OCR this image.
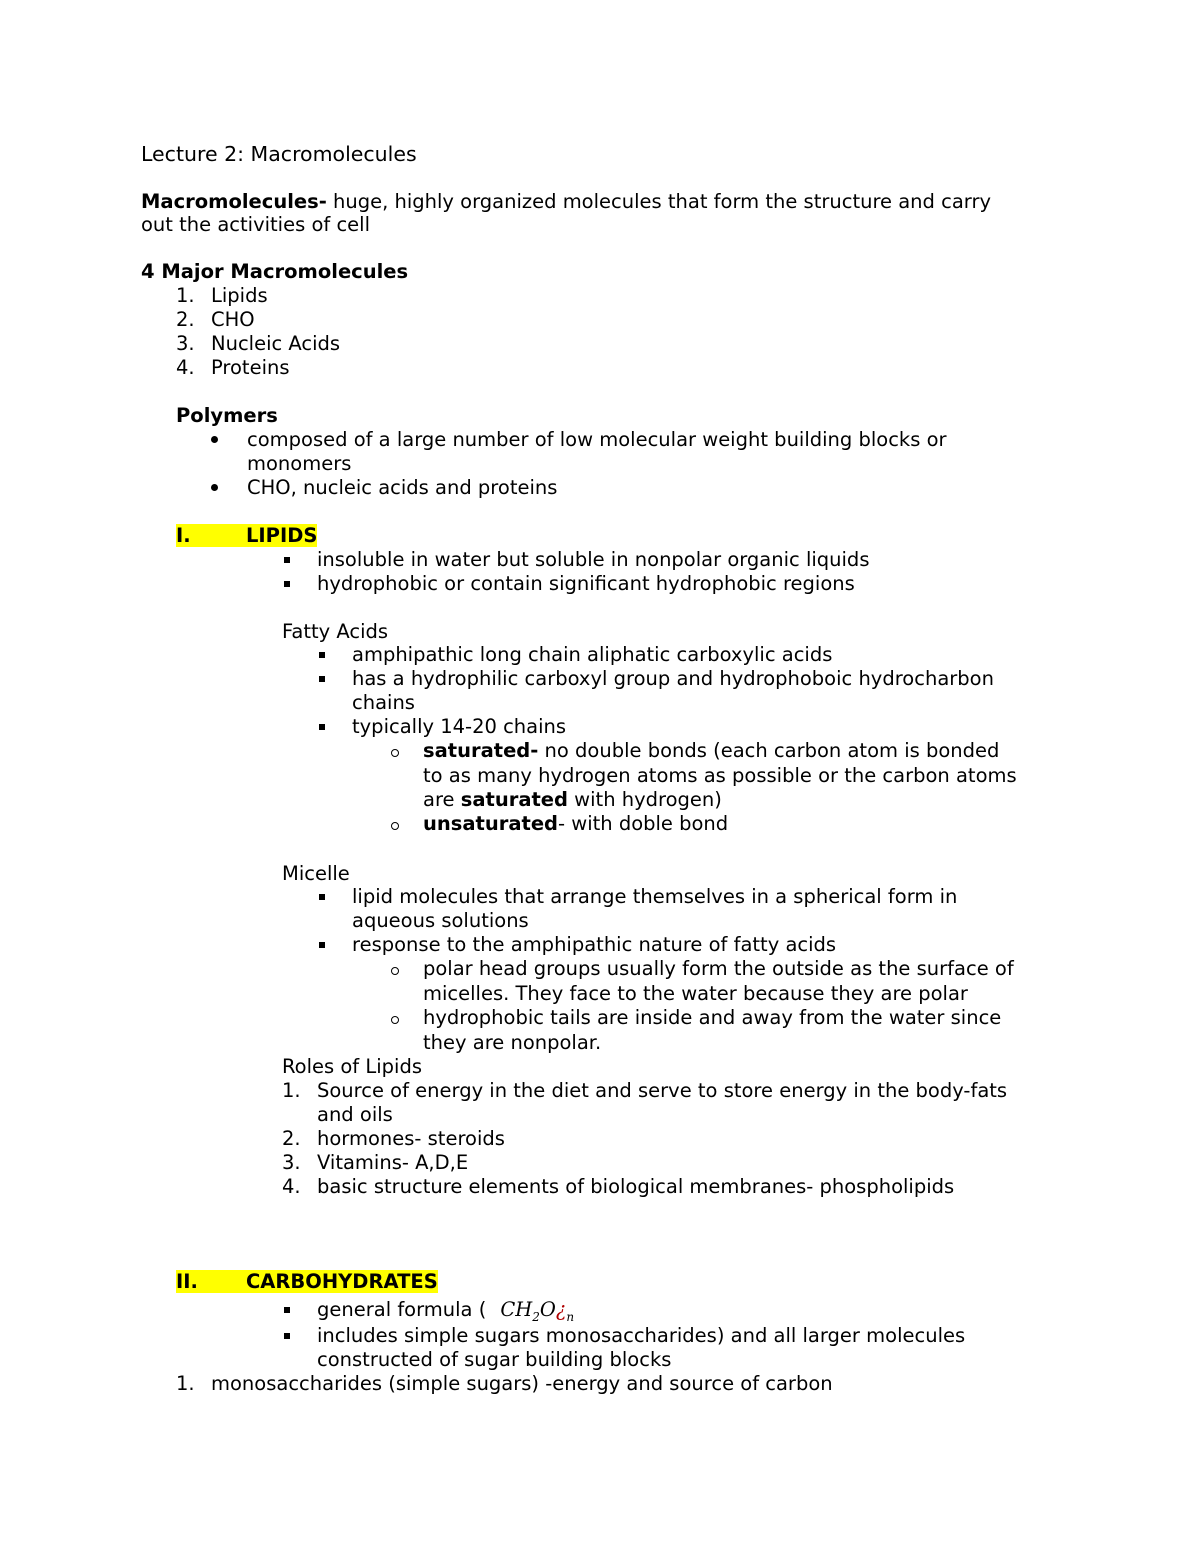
Lecture 2: Macromolecules
Macromolecules- huge, highly organized molecules that form the structure and carry
out the activities of cell
4 Major Macromolecules
1. Lipids
2. CHO
3. Nucleic Acids
4. Proteins
Polymers
composed of a large number of low molecular weight building blocks or
monomers
CHO, nucleic acids and proteins
I.	LIPIDS
insoluble in water but soluble in nonpolar organic liquids
hydrophobic or contain significant hydrophobic regions
Fatty Acids
amphipathic long chain aliphatic carboxylic acids
has a hydrophilic carboxyl group and hydrophoboic hydrocharbon
chains
typically 14-20 chains
saturated- no double bonds (each carbon atom is bonded
to as many hydrogen atoms as possible or the carbon atoms
are saturated with hydrogen)
unsaturated- with doble bond
Micelle
lipid molecules that arrange themselves in a spherical form in
aqueous solutions
response to the amphipathic nature of fatty acids
polar head groups usually form the outside as the surface of
micelles. They face to the water because they are polar
hydrophobic tails are inside and away from the water since
they are nonpolar.
Roles of Lipids
1. Source of energy in the diet and serve to store energy in the body-fats
and oils
2. hormones- steroids
3. Vitamins- A,D,E
4. basic structure elements of biological membranes- phospholipids
II. CARBOHYDRATES
general formula ( $CH_2O¿_n$
includes simple sugars monosaccharides) and all larger molecules
constructed of sugar building blocks
1. monosaccharides (simple sugars) -energy and source of carbon
